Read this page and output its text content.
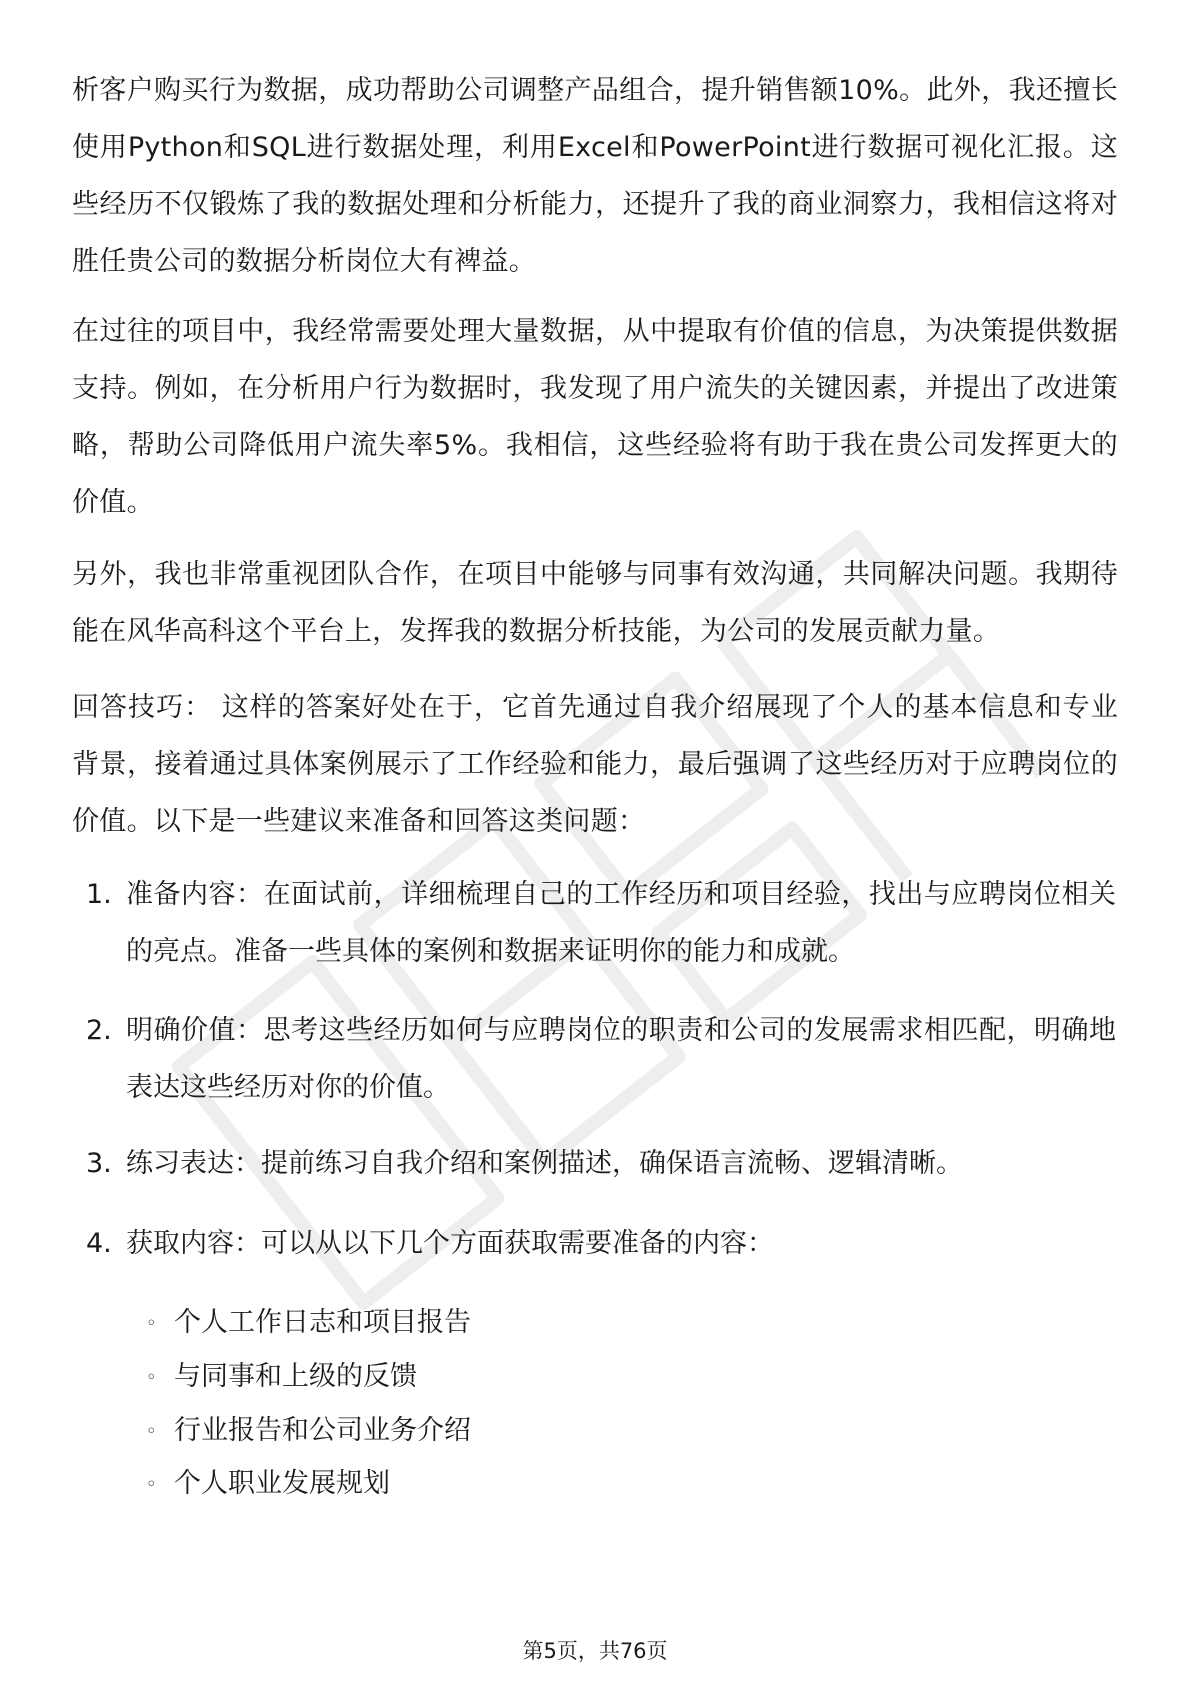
析客户购买行为数据，成功帮助公司调整产品组合，提升销售额10%。此外，我还擅长使用Python和SQL进行数据处理，利用Excel和PowerPoint进行数据可视化汇报。这些经历不仅锻炼了我的数据处理和分析能力，还提升了我的商业洞察力，我相信这将对胜任贵公司的数据分析岗位大有裨益。

在过往的项目中，我经常需要处理大量数据，从中提取有价值的信息，为决策提供数据支持。例如，在分析用户行为数据时，我发现了用户流失的关键因素，并提出了改进策略，帮助公司降低用户流失率5%。我相信，这些经验将有助于我在贵公司发挥更大的价值。

另外，我也非常重视团队合作，在项目中能够与同事有效沟通，共同解决问题。我期待能在风华高科这个平台上，发挥我的数据分析技能，为公司的发展贡献力量。

回答技巧： 这样的答案好处在于，它首先通过自我介绍展现了个人的基本信息和专业背景，接着通过具体案例展示了工作经验和能力，最后强调了这些经历对于应聘岗位的价值。以下是一些建议来准备和回答这类问题：

1. 准备内容：在面试前，详细梳理自己的工作经历和项目经验，找出与应聘岗位相关的亮点。准备一些具体的案例和数据来证明你的能力和成就。
2. 明确价值：思考这些经历如何与应聘岗位的职责和公司的发展需求相匹配，明确地表达这些经历对你的价值。
3. 练习表达：提前练习自我介绍和案例描述，确保语言流畅、逻辑清晰。
4. 获取内容：可以从以下几个方面获取需要准备的内容：
◦ 个人工作日志和项目报告
◦ 与同事和上级的反馈
◦ 行业报告和公司业务介绍
◦ 个人职业发展规划
第5页，共76页
